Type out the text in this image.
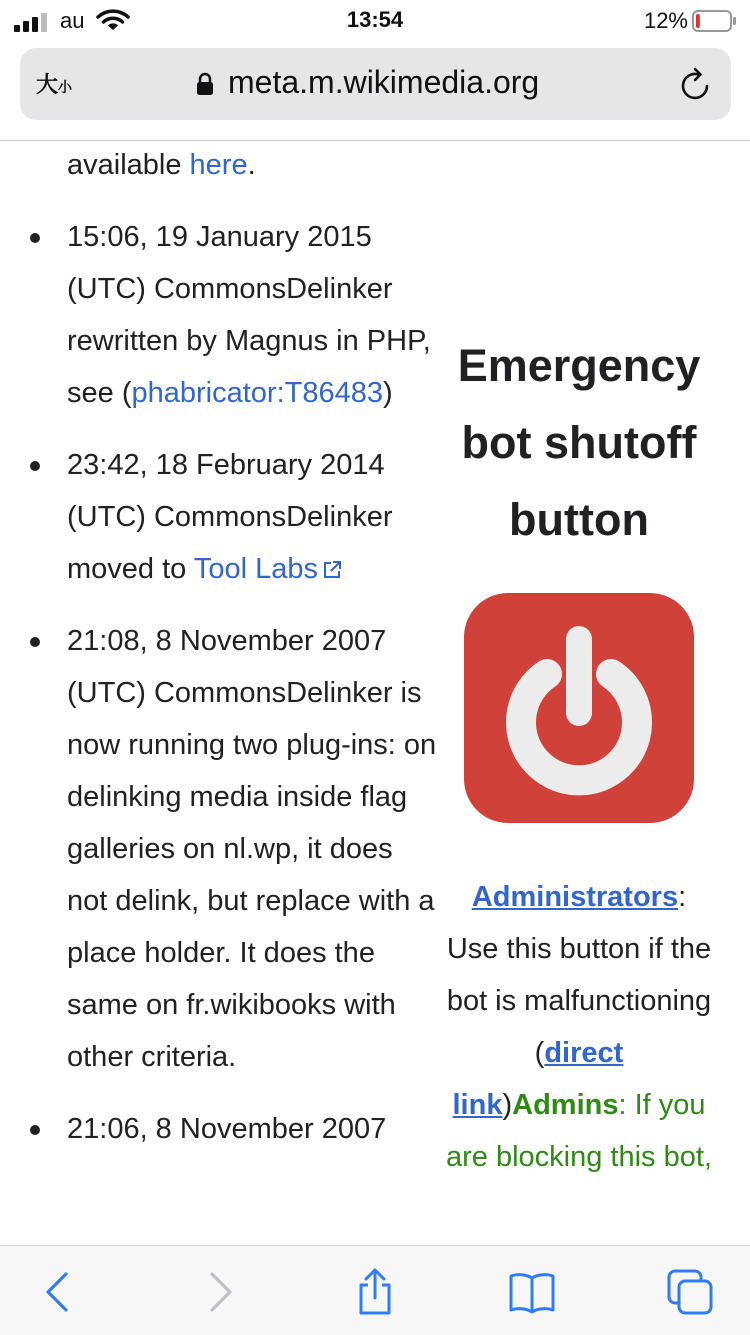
au	13:54	12%
大小	meta.m.wikimedia.org

available here.

15:06, 19 January 2015 (UTC) CommonsDelinker rewritten by Magnus in PHP, see (phabricator:T86483)
23:42, 18 February 2014 (UTC) CommonsDelinker moved to Tool Labs
21:08, 8 November 2007 (UTC) CommonsDelinker is now running two plug-ins: on delinking media inside flag galleries on nl.wp, it does not delink, but replace with a place holder. It does the same on fr.wikibooks with other criteria.
21:06, 8 November 2007
Emergency bot shutoff button

Administrators: Use this button if the bot is malfunctioning (direct link)Admins: If you are blocking this bot,
